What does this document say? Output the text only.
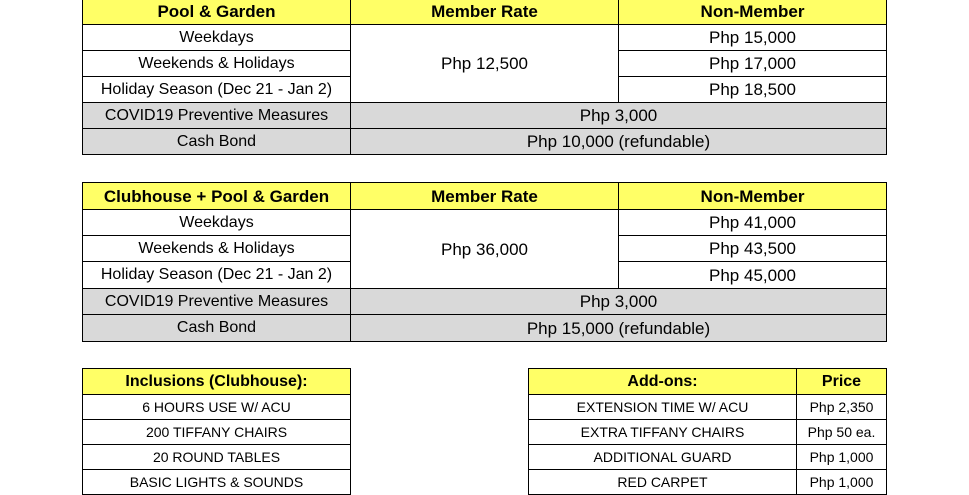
Pool & Garden	Member Rate	Non-Member
Weekdays	Php 12,500	Php 15,000
Weekends & Holidays		Php 17,000
Holiday Season (Dec 21 - Jan 2)		Php 18,500
COVID19 Preventive Measures	Php 3,000	
Cash Bond	Php 10,000 (refundable)	
Clubhouse + Pool & Garden	Member Rate	Non-Member
Weekdays	Php 36,000	Php 41,000
Weekends & Holidays		Php 43,500
Holiday Season (Dec 21 - Jan 2)		Php 45,000
COVID19 Preventive Measures	Php 3,000	
Cash Bond	Php 15,000 (refundable)	
Inclusions (Clubhouse):
6 HOURS USE W/ ACU
200 TIFFANY CHAIRS
20 ROUND TABLES
BASIC LIGHTS & SOUNDS
Add-ons:	Price
EXTENSION TIME W/ ACU	Php 2,350
EXTRA TIFFANY CHAIRS	Php 50 ea.
ADDITIONAL GUARD	Php 1,000
RED CARPET	Php 1,000
